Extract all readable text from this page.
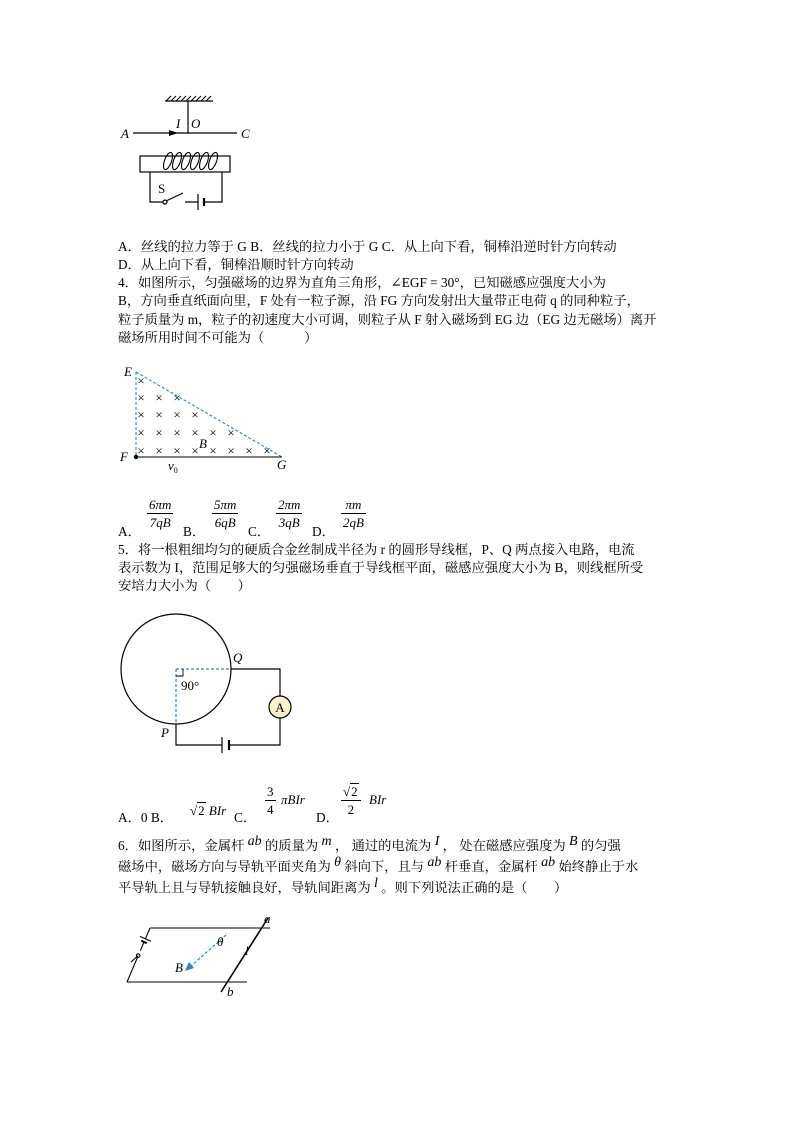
A
I O
C
S
×
× × ×
× × × ×
× × × × × ×
× × × × × × × ×
E
F
G
B
$v_0$
Q
P
90°
A
a
b
B
θ
l
A．丝线的拉力等于 G B．丝线的拉力小于 G C．从上向下看，铜棒沿逆时针方向转动
D．从上向下看，铜棒沿顺时针方向转动
4．如图所示，匀强磁场的边界为直角三角形，∠EGF = 30°，已知磁感应强度大小为
B，方向垂直纸面向里，F 处有一粒子源，沿 FG 方向发射出大量带正电荷 q 的同种粒子，
粒子质量为 m，粒子的初速度大小可调，则粒子从 F 射入磁场到 EG 边（EG 边无磁场）离开
磁场所用时间不可能为（　　　）
A．
$\frac{6\pi m}{7qB}$
B．
$\frac{5\pi m}{6qB}$
C．
$\frac{2\pi m}{3qB}$
D．
$\frac{\pi m}{2qB}$
5．将一根粗细均匀的硬质合金丝制成半径为 r 的圆形导线框，P、Q 两点接入电路，电流
表示数为 I，范围足够大的匀强磁场垂直于导线框平面，磁感应强度大小为 B，则线框所受
安培力大小为（　　）
A．0 B． √2 BIr C． $\frac{3}{4}$ πBIr
D． $\frac{√2}{2}$ BIr
6．如图所示，金属杆 ab 的质量为 m ， 通过的电流为 I ， 处在磁感应强度为 B 的匀强
磁场中，磁场方向与导轨平面夹角为 θ 斜向下，且与 ab 杆垂直，金属杆 ab 始终静止于水
平导轨上且与导轨接触良好，导轨间距离为 l 。则下列说法正确的是（　　）
